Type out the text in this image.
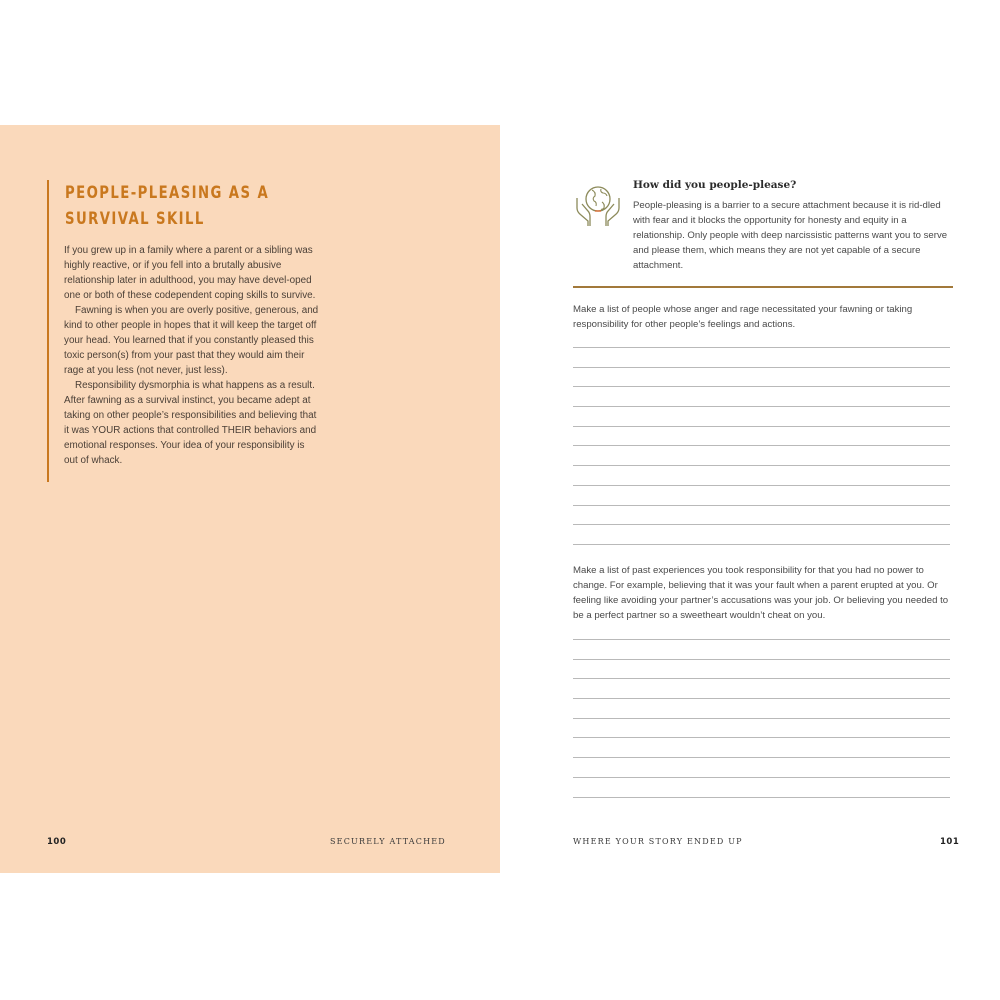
PEOPLE-PLEASING AS A
SURVIVAL SKILL

If you grew up in a family where a parent or a sibling was highly reactive, or if you fell into a brutally abusive relationship later in adulthood, you may have devel-oped one or both of these codependent coping skills to survive.

Fawning is when you are overly positive, generous, and kind to other people in hopes that it will keep the target off your head. You learned that if you constantly pleased this toxic person(s) from your past that they would aim their rage at you less (not never, just less).

Responsibility dysmorphia is what happens as a result. After fawning as a survival instinct, you became adept at taking on other people’s responsibilities and believing that it was YOUR actions that controlled THEIR behaviors and emotional responses. Your idea of your responsibility is out of whack.

100	SECURELY ATTACHED
How did you people-please?

People-pleasing is a barrier to a secure attachment because it is rid-dled with fear and it blocks the opportunity for honesty and equity in a relationship. Only people with deep narcissistic patterns want you to serve and please them, which means they are not yet capable of a secure attachment.

Make a list of people whose anger and rage necessitated your fawning or taking responsibility for other people’s feelings and actions.

Make a list of past experiences you took responsibility for that you had no power to change. For example, believing that it was your fault when a parent erupted at you. Or feeling like avoiding your partner’s accusations was your job. Or believing you needed to be a perfect partner so a sweetheart wouldn’t cheat on you.

WHERE YOUR STORY ENDED UP	101
